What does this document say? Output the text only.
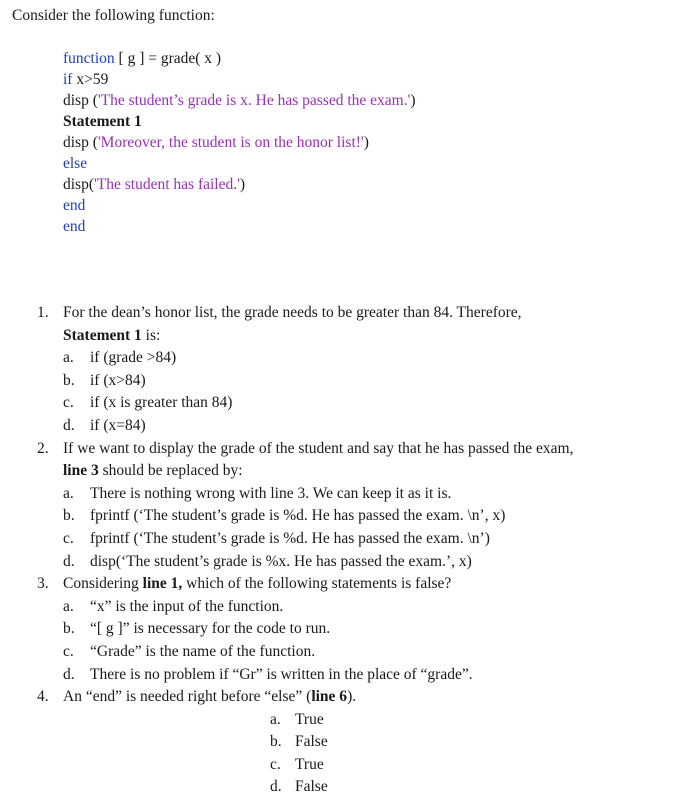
Consider the following function:
function [ g ] = grade( x )
if x>59
disp ('The student’s grade is x. He has passed the exam.')
Statement 1
disp ('Moreover, the student is on the honor list!')
else
disp('The student has failed.')
end
end
1. For the dean’s honor list, the grade needs to be greater than 84. Therefore,
Statement 1 is:
a. if (grade >84)
b. if (x>84)
c. if (x is greater than 84)
d. if (x=84)
2. If we want to display the grade of the student and say that he has passed the exam,
line 3 should be replaced by:
a. There is nothing wrong with line 3. We can keep it as it is.
b. fprintf (‘The student’s grade is %d. He has passed the exam. \n’, x)
c. fprintf (‘The student’s grade is %d. He has passed the exam. \n’)
d. disp(‘The student’s grade is %x. He has passed the exam.’, x)
3. Considering line 1, which of the following statements is false?
a. “x” is the input of the function.
b. “[ g ]” is necessary for the code to run.
c. “Grade” is the name of the function.
d. There is no problem if “Gr” is written in the place of “grade”.
4. An “end” is needed right before “else” (line 6).
a. True
b. False
c. True
d. False
